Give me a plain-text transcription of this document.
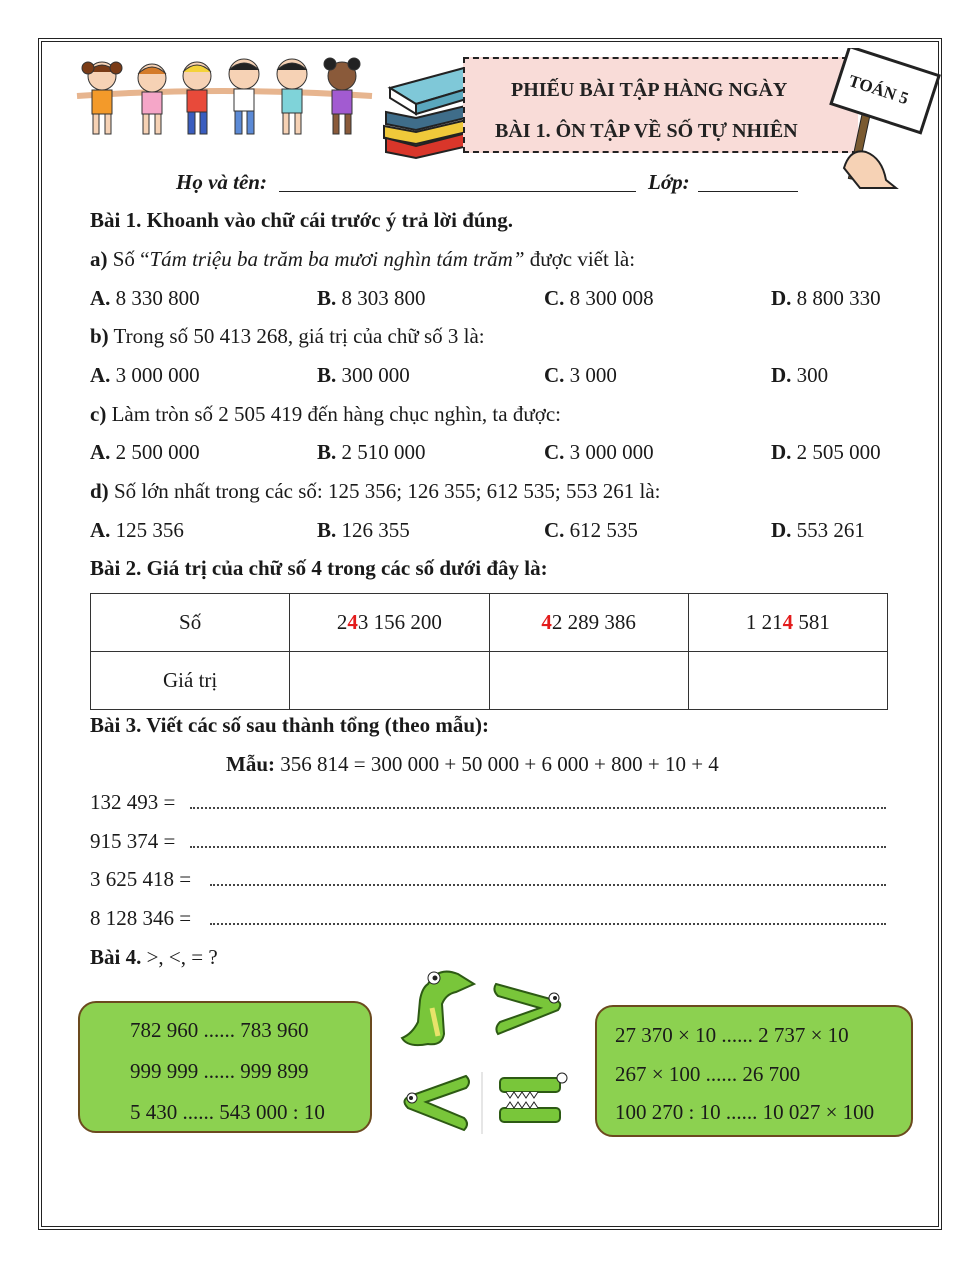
PHIẾU BÀI TẬP HÀNG NGÀY
BÀI 1. ÔN TẬP VỀ SỐ TỰ NHIÊN
TOÁN 5
Họ và tên:	Lớp:
Bài 1. Khoanh vào chữ cái trước ý trả lời đúng.
a) Số “Tám triệu ba trăm ba mươi nghìn tám trăm” được viết là:
A. 8 330 800	B. 8 303 800	C. 8 300 008	D. 8 800 330
b) Trong số 50 413 268, giá trị của chữ số 3 là:
A. 3 000 000	B. 300 000	C. 3 000	D. 300
c) Làm tròn số 2 505 419 đến hàng chục nghìn, ta được:
A. 2 500 000	B. 2 510 000	C. 3 000 000	D. 2 505 000
d) Số lớn nhất trong các số: 125 356; 126 355; 612 535; 553 261 là:
A. 125 356	B. 126 355	C. 612 535	D. 553 261
Bài 2. Giá trị của chữ số 4 trong các số dưới đây là:
Số	243 156 200	42 289 386	1 214 581
Giá trị			
Bài 3. Viết các số sau thành tổng (theo mẫu):
Mẫu: 356 814 = 300 000 + 50 000 + 6 000 + 800 + 10 + 4
132 493 =
915 374 =
3 625 418 =
8 128 346 =
Bài 4. >, <, = ?
782 960 ...... 783 960
999 999 ...... 999 899
5 430 ...... 543 000 : 10
27 370 × 10 ...... 2 737 × 10
267 × 100 ...... 26 700
100 270 : 10 ...... 10 027 × 100
